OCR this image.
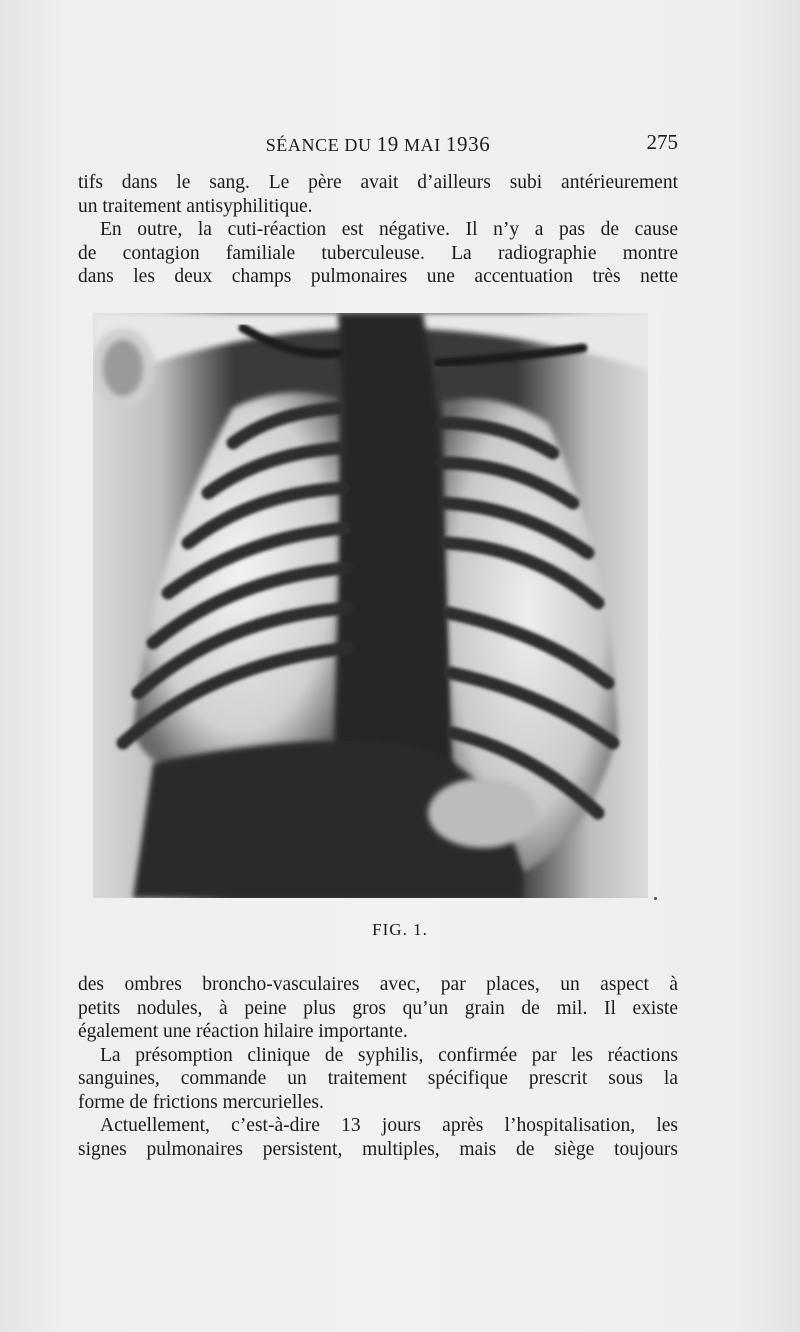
SÉANCE DU 19 MAI 1936	275
tifs dans le sang. Le père avait d’ailleurs subi antérieurement
un traitement antisyphilitique.
En outre, la cuti-réaction est négative. Il n’y a pas de cause
de contagion familiale tuberculeuse. La radiographie montre
dans les deux champs pulmonaires une accentuation très nette
FIG. 1.
des ombres broncho-vasculaires avec, par places, un aspect à
petits nodules, à peine plus gros qu’un grain de mil. Il existe
également une réaction hilaire importante.
La présomption clinique de syphilis, confirmée par les réactions
sanguines, commande un traitement spécifique prescrit sous la
forme de frictions mercurielles.
Actuellement, c’est-à-dire 13 jours après l’hospitalisation, les
signes pulmonaires persistent, multiples, mais de siège toujours
